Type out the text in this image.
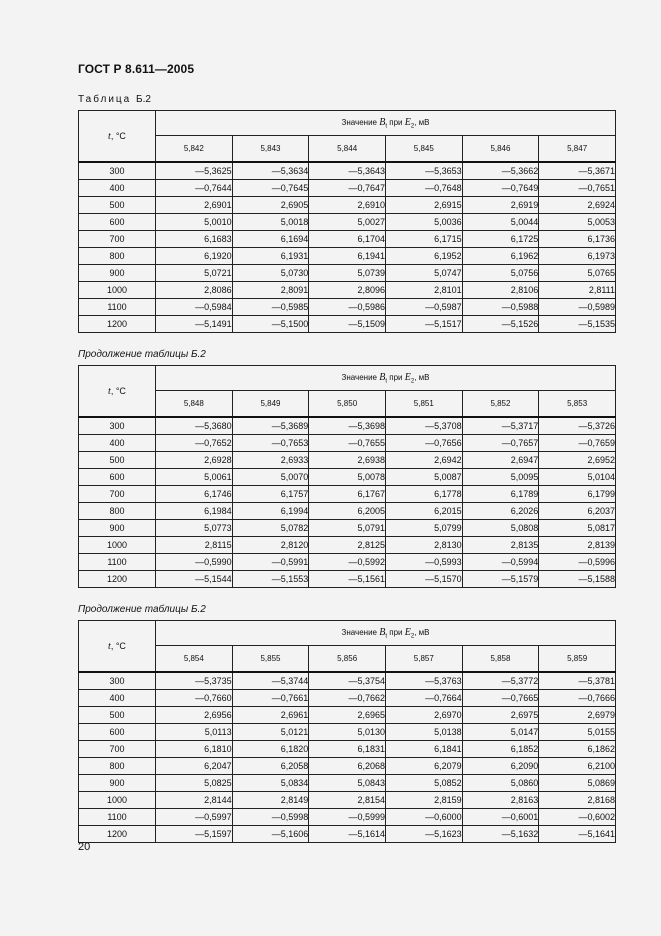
ГОСТ Р 8.611—2005
Таблица Б.2
t, °C	Значение $B_t$ при $E_2$, мВ					
	5,842	5,843	5,844	5,845	5,846	5,847
300	—5,3625	—5,3634	—5,3643	—5,3653	—5,3662	—5,3671
400	—0,7644	—0,7645	—0,7647	—0,7648	—0,7649	—0,7651
500	2,6901	2,6905	2,6910	2,6915	2,6919	2,6924
600	5,0010	5,0018	5,0027	5,0036	5,0044	5,0053
700	6,1683	6,1694	6,1704	6,1715	6,1725	6,1736
800	6,1920	6,1931	6,1941	6,1952	6,1962	6,1973
900	5,0721	5,0730	5,0739	5,0747	5,0756	5,0765
1000	2,8086	2,8091	2,8096	2,8101	2,8106	2,8111
1100	—0,5984	—0,5985	—0,5986	—0,5987	—0,5988	—0,5989
1200	—5,1491	—5,1500	—5,1509	—5,1517	—5,1526	—5,1535
Продолжение таблицы Б.2
t, °C	Значение $B_t$ при $E_2$, мВ					
	5,848	5,849	5,850	5,851	5,852	5,853
300	—5,3680	—5,3689	—5,3698	—5,3708	—5,3717	—5,3726
400	—0,7652	—0,7653	—0,7655	—0,7656	—0,7657	—0,7659
500	2,6928	2,6933	2,6938	2,6942	2,6947	2,6952
600	5,0061	5,0070	5,0078	5,0087	5,0095	5,0104
700	6,1746	6,1757	6,1767	6,1778	6,1789	6,1799
800	6,1984	6,1994	6,2005	6,2015	6,2026	6,2037
900	5,0773	5,0782	5,0791	5,0799	5,0808	5,0817
1000	2,8115	2,8120	2,8125	2,8130	2,8135	2,8139
1100	—0,5990	—0,5991	—0,5992	—0,5993	—0,5994	—0,5996
1200	—5,1544	—5,1553	—5,1561	—5,1570	—5,1579	—5,1588
Продолжение таблицы Б.2
t, °C	Значение $B_t$ при $E_2$, мВ					
	5,854	5,855	5,856	5,857	5,858	5,859
300	—5,3735	—5,3744	—5,3754	—5,3763	—5,3772	—5,3781
400	—0,7660	—0,7661	—0,7662	—0,7664	—0,7665	—0,7666
500	2,6956	2,6961	2,6965	2,6970	2,6975	2,6979
600	5,0113	5,0121	5,0130	5,0138	5,0147	5,0155
700	6,1810	6,1820	6,1831	6,1841	6,1852	6,1862
800	6,2047	6,2058	6,2068	6,2079	6,2090	6,2100
900	5,0825	5,0834	5,0843	5,0852	5,0860	5,0869
1000	2,8144	2,8149	2,8154	2,8159	2,8163	2,8168
1100	—0,5997	—0,5998	—0,5999	—0,6000	—0,6001	—0,6002
1200	—5,1597	—5,1606	—5,1614	—5,1623	—5,1632	—5,1641
20
